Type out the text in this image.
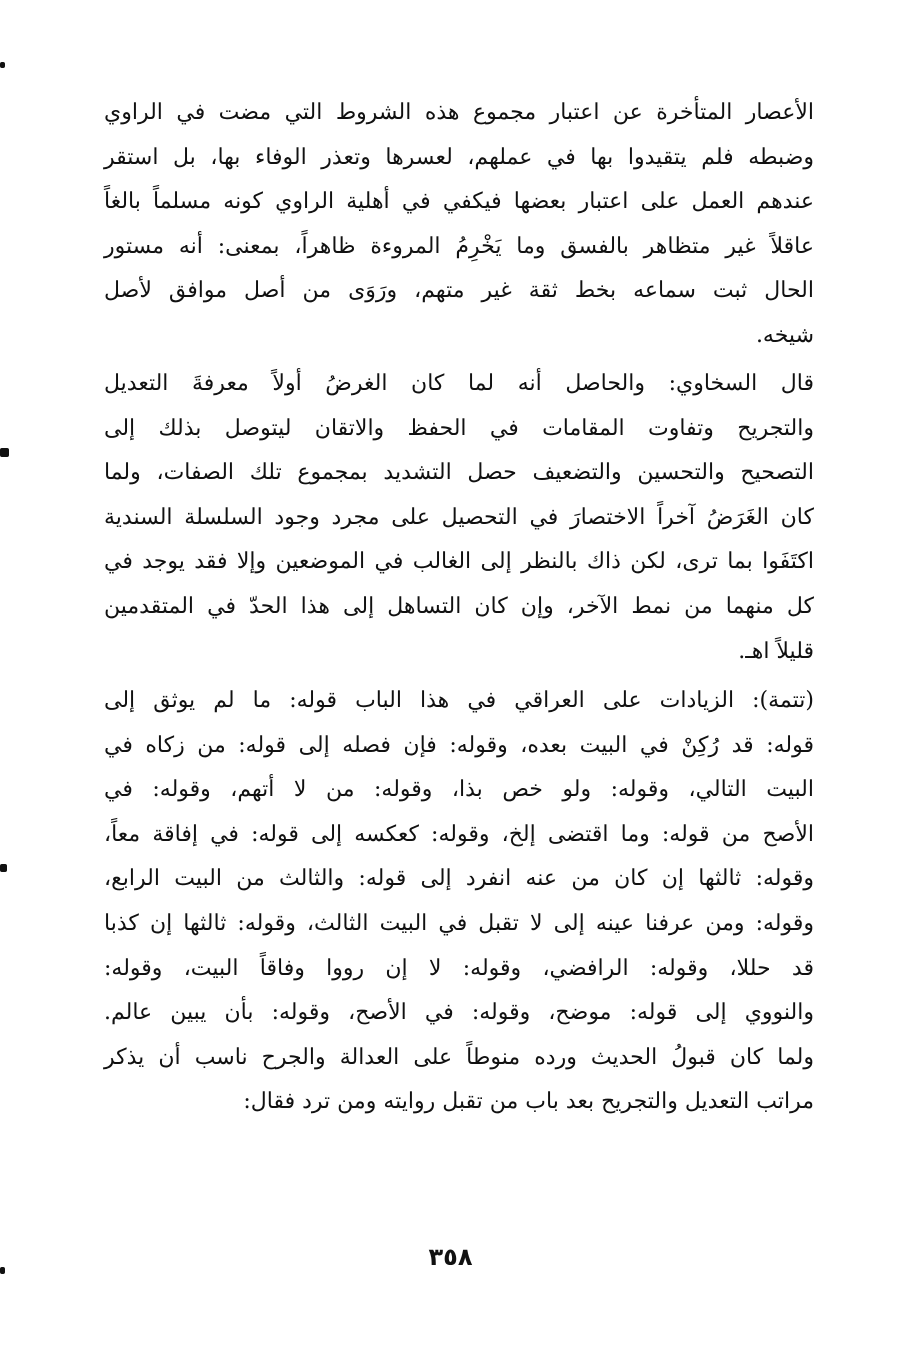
الأعصار المتأخرة عن اعتبار مجموع هذه الشروط التي مضت في الراوي
وضبطه فلم يتقيدوا بها في عملهم، لعسرها وتعذر الوفاء بها، بل استقر
عندهم العمل على اعتبار بعضها فيكفي في أهلية الراوي كونه مسلماً بالغاً
عاقلاً غير متظاهر بالفسق وما يَخْرِمُ المروءة ظاهراً، بمعنى: أنه مستور
الحال ثبت سماعه بخط ثقة غير متهم، ورَوَى من أصل موافق لأصل
شيخه.
قال السخاوي: والحاصل أنه لما كان الغرضُ أولاً معرفةَ التعديل
والتجريح وتفاوت المقامات في الحفظ والاتقان ليتوصل بذلك إلى
التصحيح والتحسين والتضعيف حصل التشديد بمجموع تلك الصفات، ولما
كان الغَرَضُ آخراً الاختصارَ في التحصيل على مجرد وجود السلسلة السندية
اكتَفَوا بما ترى، لكن ذاك بالنظر إلى الغالب في الموضعين وإلا فقد يوجد في
كل منهما من نمط الآخر، وإن كان التساهل إلى هذا الحدّ في المتقدمين
قليلاً اهـ.
(تتمة): الزيادات على العراقي في هذا الباب قوله: ما لم يوثق إلى
قوله: قد رُكِنْ في البيت بعده، وقوله: فإن فصله إلى قوله: من زكاه في
البيت التالي، وقوله: ولو خص بذا، وقوله: من لا أتهم، وقوله: في
الأصح من قوله: وما اقتضى إلخ، وقوله: كعكسه إلى قوله: في إفاقة معاً،
وقوله: ثالثها إن كان من عنه انفرد إلى قوله: والثالث من البيت الرابع،
وقوله: ومن عرفنا عينه إلى لا تقبل في البيت الثالث، وقوله: ثالثها إن كذبا
قد حللا، وقوله: الرافضي، وقوله: لا إن رووا وفاقاً البيت، وقوله:
والنووي إلى قوله: موضح، وقوله: في الأصح، وقوله: بأن يبين عالم.
ولما كان قبولُ الحديث ورده منوطاً على العدالة والجرح ناسب أن يذكر
مراتب التعديل والتجريح بعد باب من تقبل روايته ومن ترد فقال:
٣٥٨
